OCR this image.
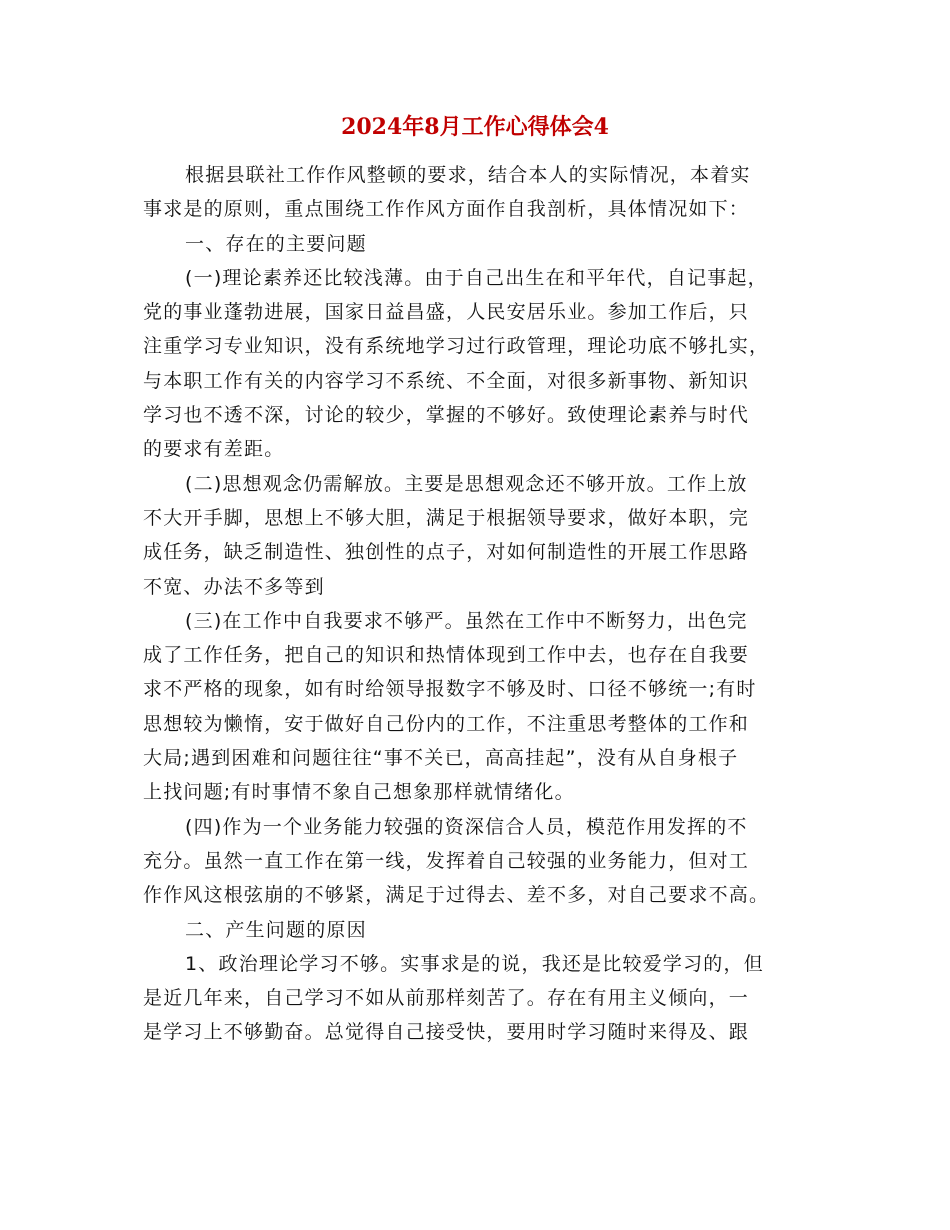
2024年8月工作心得体会4
根据县联社工作作风整顿的要求，结合本人的实际情况，本着实
事求是的原则，重点围绕工作作风方面作自我剖析，具体情况如下：
一、存在的主要问题
(一)理论素养还比较浅薄。由于自己出生在和平年代，自记事起，
党的事业蓬勃进展，国家日益昌盛，人民安居乐业。参加工作后，只
注重学习专业知识，没有系统地学习过行政管理，理论功底不够扎实，
与本职工作有关的内容学习不系统、不全面，对很多新事物、新知识
学习也不透不深，讨论的较少，掌握的不够好。致使理论素养与时代
的要求有差距。
(二)思想观念仍需解放。主要是思想观念还不够开放。工作上放
不大开手脚，思想上不够大胆，满足于根据领导要求，做好本职，完
成任务，缺乏制造性、独创性的点子，对如何制造性的开展工作思路
不宽、办法不多等到
(三)在工作中自我要求不够严。虽然在工作中不断努力，出色完
成了工作任务，把自己的知识和热情体现到工作中去，也存在自我要
求不严格的现象，如有时给领导报数字不够及时、口径不够统一;有时
思想较为懒惰，安于做好自己份内的工作，不注重思考整体的工作和
大局;遇到困难和问题往往“事不关已，高高挂起”，没有从自身根子
上找问题;有时事情不象自己想象那样就情绪化。
(四)作为一个业务能力较强的资深信合人员，模范作用发挥的不
充分。虽然一直工作在第一线，发挥着自己较强的业务能力，但对工
作作风这根弦崩的不够紧，满足于过得去、差不多，对自己要求不高。
二、产生问题的原因
1、政治理论学习不够。实事求是的说，我还是比较爱学习的，但
是近几年来，自己学习不如从前那样刻苦了。存在有用主义倾向，一
是学习上不够勤奋。总觉得自己接受快，要用时学习随时来得及、跟
